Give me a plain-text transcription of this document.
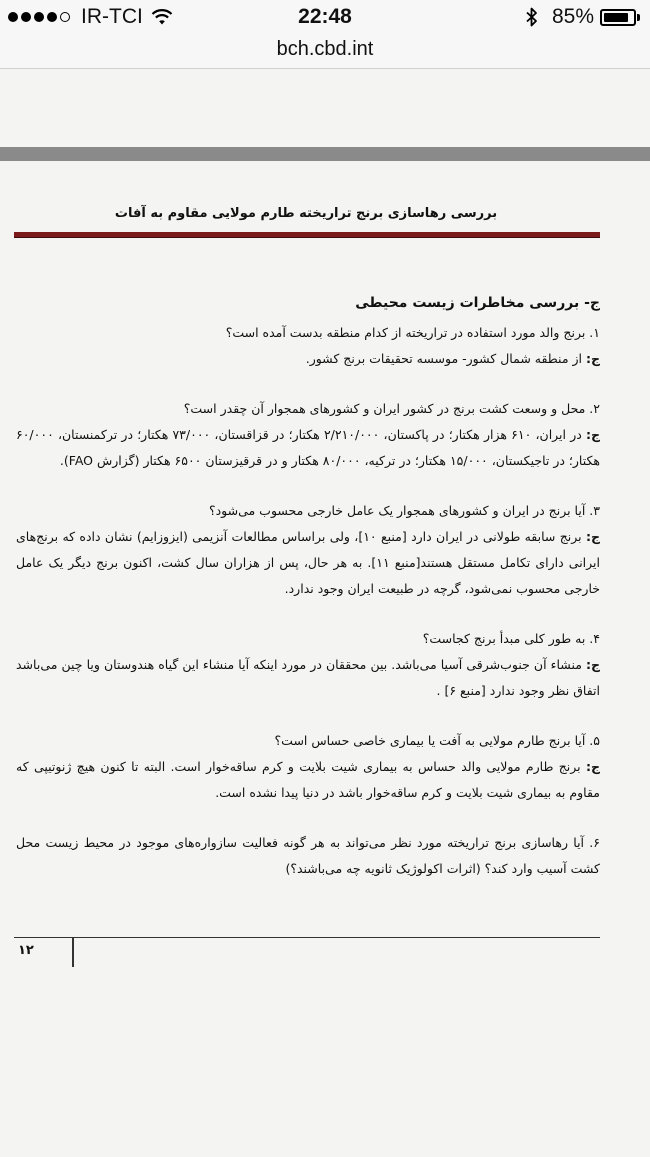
IR-TCI	22:48	85%
bch.cbd.int
بررسی رهاسازی برنج تراریخته طارم مولایی مقاوم به آفات

ج- بررسی مخاطرات زیست محیطی

۱. برنج والد مورد استفاده در تراریخته از کدام منطقه بدست آمده است؟

ج: از منطقه شمال کشور- موسسه تحقیقات برنج کشور.

۲. محل و وسعت کشت برنج در کشور ایران و کشورهای همجوار آن چقدر است؟

ج: در ایران، ۶۱۰ هزار هکتار؛ در پاکستان، ۲/۲۱۰/۰۰۰ هکتار؛ در قزاقستان، ۷۳/۰۰۰ هکتار؛ در ترکمنستان، ۶۰/۰۰۰ هکتار؛ در تاجیکستان، ۱۵/۰۰۰ هکتار؛ در ترکیه، ۸۰/۰۰۰ هکتار و در قرقیزستان ۶۵۰۰ هکتار (گزارش FAO).

۳. آیا برنج در ایران و کشورهای همجوار یک عامل خارجی محسوب می‌شود؟

ج: برنج سابقه طولانی در ایران دارد [منبع ۱۰]، ولی براساس مطالعات آنزیمی (ایزوزایم) نشان داده که برنج‌های ایرانی دارای تکامل مستقل هستند[منبع ۱۱]. به هر حال، پس از هزاران سال کشت، اکنون برنج دیگر یک عامل خارجی محسوب نمی‌شود، گرچه در طبیعت ایران وجود ندارد.

۴. به طور کلی مبدأ برنج کجاست؟

ج: منشاء آن جنوب‌شرقی آسیا می‌باشد. بین محققان در مورد اینکه آیا منشاء این گیاه هندوستان ویا چین می‌باشد اتفاق نظر وجود ندارد [منبع ۶] .

۵. آیا برنج طارم مولایی به آفت یا بیماری خاصی حساس است؟

ج: برنج طارم مولایی والد حساس به بیماری شیت بلایت و کرم ساقه‌خوار است. البته تا کنون هیچ ژنوتیپی که مقاوم به بیماری شیت بلایت و کرم ساقه‌خوار باشد در دنیا پیدا نشده است.

۶. آیا رهاسازی برنج تراریخته مورد نظر می‌تواند به هر گونه فعالیت سازواره‌های موجود در محیط زیست محل کشت آسیب وارد کند؟ (اثرات اکولوژیک ثانویه چه می‌باشند؟)

۱۲
